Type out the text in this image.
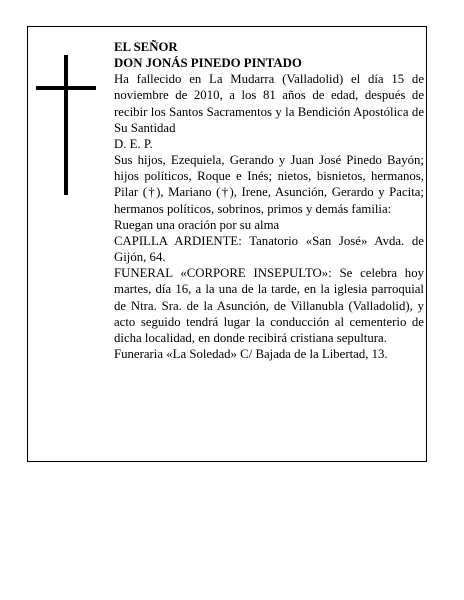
EL SEÑOR

DON JONÁS PINEDO PINTADO

Ha fallecido en La Mudarra (Valladolid) el día 15 de noviembre de 2010, a los 81 años de edad, después de recibir los Santos Sacramentos y la Bendición Apostólica de Su Santidad

D. E. P.

Sus hijos, Ezequiela, Gerando y Juan José Pinedo Bayón; hijos políticos, Roque e Inés; nietos, bisnietos, hermanos, Pilar (†), Mariano (†), Irene, Asunción, Gerardo y Pacita; hermanos políticos, sobrinos, primos y demás familia:

Ruegan una oración por su alma

CAPILLA ARDIENTE: Tanatorio «San José» Avda. de Gijón, 64.

FUNERAL «CORPORE INSEPULTO»: Se celebra hoy martes, día 16, a la una de la tarde, en la iglesia parroquial de Ntra. Sra. de la Asunción, de Villanubla (Valladolid), y acto seguido tendrá lugar la conducción al cementerio de dicha localidad, en donde recibirá cristiana sepultura.

Funeraria «La Soledad» C/ Bajada de la Libertad, 13.
